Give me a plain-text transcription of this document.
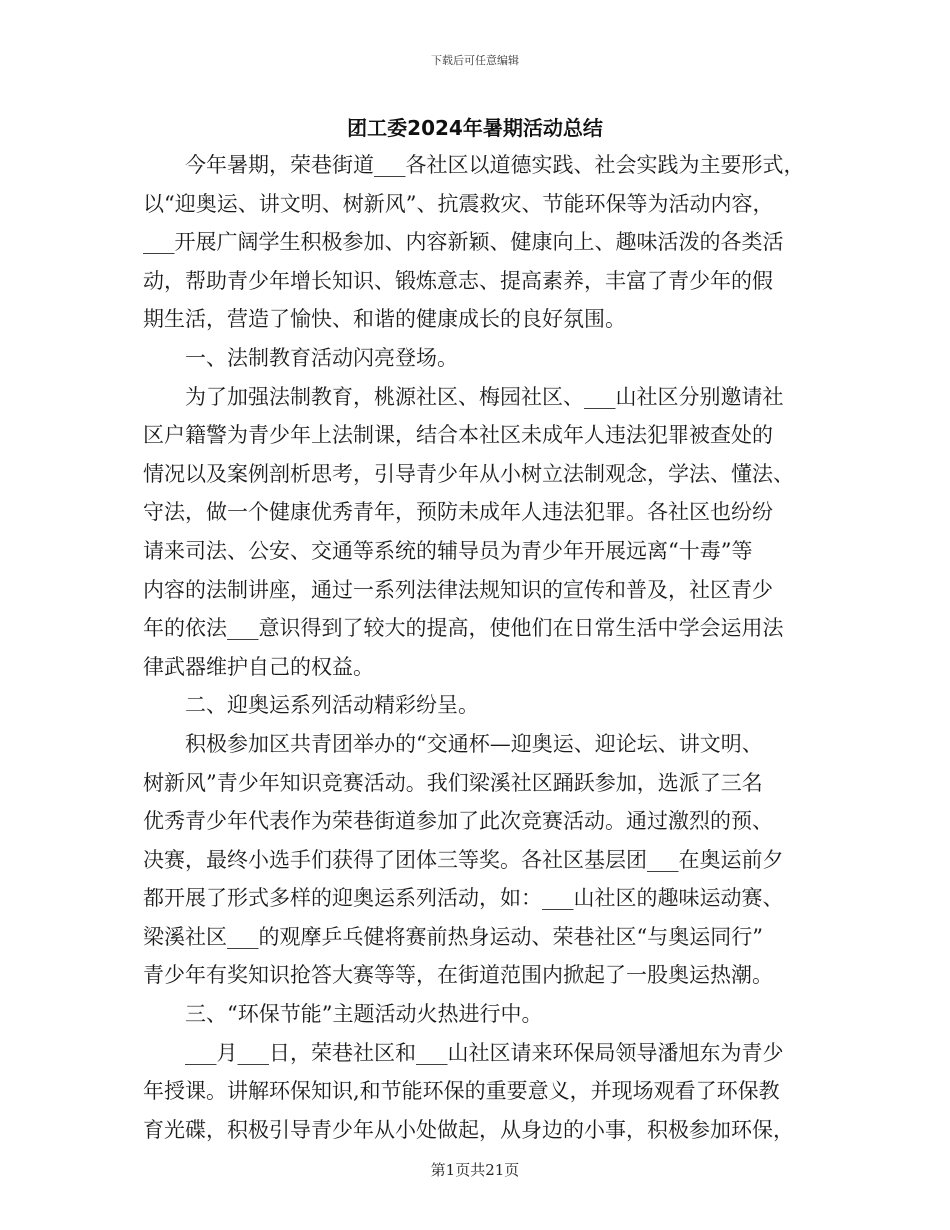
下载后可任意编辑
团工委2024年暑期活动总结
　　今年暑期，荣巷街道___各社区以道德实践、社会实践为主要形式，
以“迎奥运、讲文明、树新风”、抗震救灾、节能环保等为活动内容，
___开展广阔学生积极参加、内容新颖、健康向上、趣味活泼的各类活
动，帮助青少年增长知识、锻炼意志、提高素养，丰富了青少年的假
期生活，营造了愉快、和谐的健康成长的良好氛围。
　　一、法制教育活动闪亮登场。
　　为了加强法制教育，桃源社区、梅园社区、___山社区分别邀请社
区户籍警为青少年上法制课，结合本社区未成年人违法犯罪被查处的
情况以及案例剖析思考，引导青少年从小树立法制观念，学法、懂法、
守法，做一个健康优秀青年，预防未成年人违法犯罪。各社区也纷纷
请来司法、公安、交通等系统的辅导员为青少年开展远离“十毒”等
内容的法制讲座，通过一系列法律法规知识的宣传和普及，社区青少
年的依法___意识得到了较大的提高，使他们在日常生活中学会运用法
律武器维护自己的权益。
　　二、迎奥运系列活动精彩纷呈。
　　积极参加区共青团举办的“交通杯—迎奥运、迎论坛、讲文明、
树新风”青少年知识竞赛活动。我们梁溪社区踊跃参加，选派了三名
优秀青少年代表作为荣巷街道参加了此次竞赛活动。通过激烈的预、
决赛，最终小选手们获得了团体三等奖。各社区基层团___在奥运前夕
都开展了形式多样的迎奥运系列活动，如：___山社区的趣味运动赛、
梁溪社区___的观摩乒乓健将赛前热身运动、荣巷社区“与奥运同行”
青少年有奖知识抢答大赛等等，在街道范围内掀起了一股奥运热潮。
　　三、“环保节能”主题活动火热进行中。
　　___月___日，荣巷社区和___山社区请来环保局领导潘旭东为青少
年授课。讲解环保知识,和节能环保的重要意义，并现场观看了环保教
育光碟，积极引导青少年从小处做起，从身边的小事，积极参加环保，
第1页共21页
